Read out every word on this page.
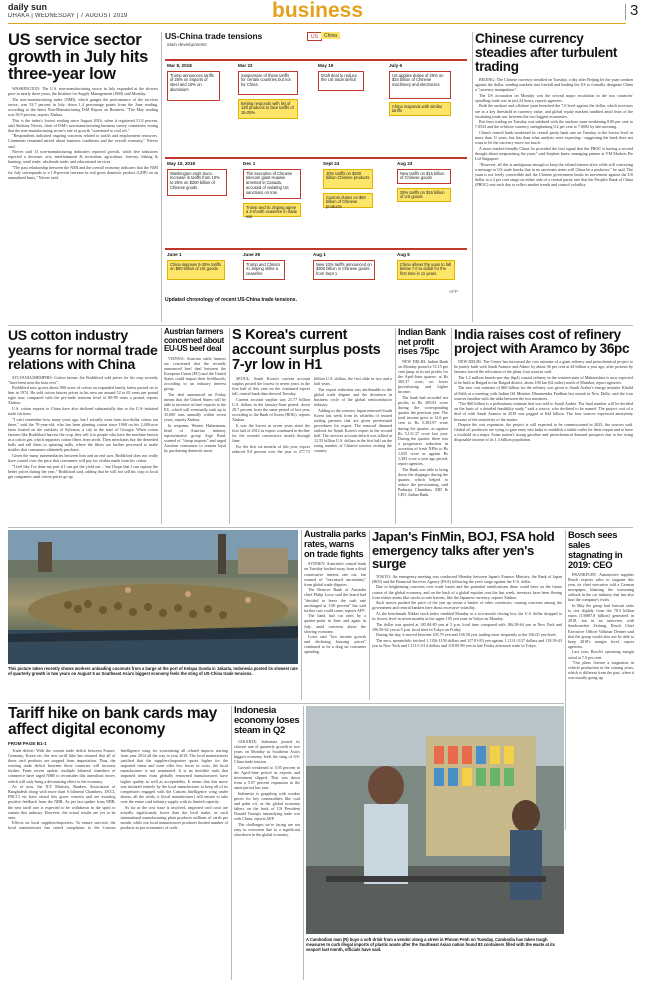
daily sun
DHAKA | WEDNESDAY | 7 AUGUST 2019	business	3
US service sector growth in July hits three-year low

WASHINGTON: The U.S. non-manufacturing sector in July expanded at the slowest pace in nearly three years, the Institute for Supply Management (ISM) said Monday.

The non-manufacturing index (NMI), which gauges the performance of the services sector, was 53.7 percent in July, down 1.4 percentage points from the June reading, according to the latest Non-Manufacturing ISM Report on Business. "The May reading was 56.9 percent, reports Xinhua.

This is the index's lowest reading since August 2016, when it registered 51.8 percent, said Anthony Nieves, chair of ISM's non-manufacturing business survey committee, noting that the non-manufacturing sector's rate of growth "continued to cool off."

"Respondents indicated ongoing concerns related to tariffs and employment resources. Comments remained mixed about business conditions and the overall economy," Nieves said.

Nieves said 13 non-manufacturing industries reported growth, while five industries reported a decrease: arts, entertainment & recreation; agriculture, forestry, fishing & hunting; retail trade; wholesale trade; and educational services.

"The past relationship between the NMI and the overall economy indicates that the NMI for July corresponds to a 1.8-percent increase in real gross domestic product (GDP) on an annualized basis," Nieves said.

US-China trade tensions	US	China
Main developments
Mar 8, 2018
Trump announces tariffs of 25% on imports of steel and 10% on aluminium
Mar 22
Suspension of these tariffs for certain countries but not for China
Beijing responds with list of 128 products to face tariffs of 15-25%
May 19
Draft deal to reduce the US trade deficit
July 6
US applies duties of 25% on $34 billion of Chinese machinery and electronics
China responds with similar tariffs
May 10, 2019
Washington ends truce. Increase in tariffs from 10% to 25% on $200 billion of Chinese goods
Dec 1
The executive of Chinese telecom giant Huawei arrested in Canada, accused of violating US sanctions on Iran
Trump and Xi Jinping agree a 3-month ceasefire in trade war
Sept 24
10% tariffs on $200 billion Chinese products
Custom duties on $60 billion of Chinese products
Aug 23
New tariffs on $16 billion of Chinese goods
25% tariffs on $16 billion of US goods
June 1
China imposes 5-25% tariffs on $60 billion of US goods
June 29
Trump and China's Xi Jinping strike a ceasefire
Aug 1
New 10% tariffs announced on $300 billion in Chinese goods from Sept 1
Aug 5
China allows the yuan to fall below 7.0 to dollar for the first time in 11 years
AFP
Updated chronology of recent US-China trade tensions.
Chinese currency steadies after turbulent trading

BEIJING: The Chinese currency steadied on Tuesday, a day after Beijing let the yuan weaken against the dollar, sending markets into freefall and leading the US to formally designate China a "currency manipulator".

The US accusation on Monday was the second major escalation in the two countries' spiralling trade war in just 24 hours, reports agencies.

Both the onshore and offshore yuan breached the 7.0 level against the dollar, which investors see as a key threshold in currency value, and global equity markets tumbled amid fears of the escalating trade war between the two biggest economies.

But fears trading on Tuesday was subdued with the onshore yuan weakening 0.06 per cent to 7.0532 and the offshore currency strengthening 0.2 per cent to 7.0082 by late morning.

China's central bank weakened its central parity bank rate on Tuesday to the lowest level in more than 11 years, but less than what analysts were expecting - suggesting the bank does not want to let the currency move too much.

A more market-friendly China fix provided the first signal that the PBOC is having a second thought about weaponising the yuan," said Stephen Innes, managing partner at VM Markets Pte Ltd Singapore.

"However, all this is ambiguous enough to keep the valued interest alive while still conveying a message to US trade hawks that in no uncertain terms will China be a pushover," he said. The yuan is not freely convertible and the Chinese government limits its movement against the US dollar to a 2 per cent range on either side of a central parity rate that the People's Bank of China (PBOC) sets each day to reflect market trends and control volatility.

US cotton industry yearns for normal trade relations with China

SYLVANIA/MEMPHIS: Cotton farmer Joe Boddiford sold prices for his crop recently "have been near the bust ever".

Boddiford now grows about 900 acres of cotton on expanded family farms passed on to him in 1974. He sold cotton futures prices in his area are around 52 to 65 cents per pound right now, compared with the pre-trade tensions level of 80-90 cents a pound, reports Xinhua.

U.S. cotton exports to China have also declined substantially due to the U.S.-initiated trade frictions.

"I can't remember how many years ago, but I actually went from two-dollar cotton out there," said the 70-year-old, who has been planting cotton since 1968 on his 2,400-acre farm located on the outskirts of Sylvania, a city in the state of Georgia. When cotton farmers like Boddiford harvest the crop, they sell it to people who have the machine known as a cotton gin, which separates cotton fibers from seeds. Then merchants buy the deseeded bolls and sell them to spinning mills, where the fibers are further processed to make textiles that consumers ultimately purchase.

Given the many intermediaries between him and an end user, Boddiford does not really have control over the price that consumers will pay for clothes made from his cotton.

"I feel like I've done my part if I can get the yield out ... but I hope that I can capture the better prices during the year," Boddiford said, adding that he will not sell his crop to local gin companies until cotton prices go up.

Austrian farmers concerned about EU-US beef deal

VIENNA: Austrian cattle farmers are concerned that the recently announced beef deal between the European Union (EU) and the United States could impact their livelihoods, according to an industry interest group.

The deal announced on Friday means that the United States will be able to increase its beef exports to the EU, which will eventually rush up to 35,000 tons annually within seven years, reports Xinhua.

In response, Werner Habermann, head of Austrian industry representative group Arge Rind, warned of "cheap imports" and urged Austrian consumers to remain loyal by purchasing domestic meat.

S Korea's current account surplus posts 7-yr low in H1

SEOUL: South Korea's current account surplus posted the lowest in seven years in the first half of this year on the continued export fall, central bank data showed Tuesday.

Current account surplus was 21.77 billion U.S. dollars in the January-June period, down 28.7 percent from the same period of last year, according to the Bank of Korea (BOK), reports Xinhua.

It was the lowest in seven years since the first half of 2012 as export continued to decline for the seventh consecutive month through June.

For the first six months of this year, export reduced 9.0 percent over the year to 277.72 billion U.S. dollars, the first slide in two and a half years.

The export reduction was attributable to the global trade dispute and the downturn in business cycle of the global semiconductor industry.

Adding to the concern, Japan removed South Korea last week from its whitelist of trusted trading partners that are given preferential procedures for export. The removal dimmed outlook for South Korea's export in the second half. The services account deficit was tallied at 12.55 billion U.S. dollars in the first half on the rising number of Chinese tourists visiting the country.

Indian Bank net profit rises 75pc

NEW DELHI: Indian Bank on Monday posted a 74.15 per cent jump in its net profits for the April-June quarter, at Rs 365.37 crore, on lower provisioning and higher income.

The bank had recorded net profits at Rs 209.81 crore during the corresponding quarter the previous year. The total income grew to 12.6 per cent to Rs 5,383.97 crore during the quarter, as against Rs 5,131.37 crore last year. During the quarter, there was a progressive reduction in accretion of fresh NPAs to Rs 1,635 crore as against Rs 1,383 crore a year ago period, report agencies.

The Bank was able to bring down the slippages during the quarter, which helped to reduce the provisioning, said Padmaja Chunduru, MD & CEO, Indian Bank.

India raises cost of refinery project with Aramco by 36pc

NEW DELHI: The Centre has increased the cost estimate of a giant refinery and petrochemical project to be jointly built with Saudi Aramco and Adnoc by about 36 per cent at 44 billion a year ago, after protests by farmers forced the relocation of the plant, four sources said.

The 1.2 million barrels-per-day (bpd) coastal refinery in the western state of Maharashtra is now expected to be built at Raigad in the Raigad district, about 100 km (62 miles) south of Mumbai, report agencies.

The new cost estimate of $60 billion for the refinery was given to Saudi Arabia's energy minister Khalid al-Falih at a meeting with Indian Oil Minister Dharmendra Pradhan last month in New Delhi, said the four sources familiar with the talks between the two ministers.

"The $60 billion is a preliminary estimate that was told to Saudi Arabia. The final number will be decided on the basis of a detailed feasibility study," said a source, who declined to be named. The project cost of a deal of with Saudi Aramco in 2018 was pegged at $44 billion. The four sources expressed anonymity because of the sensitivity of the matter.

Despite the cost expansion, the project is still expected to be commissioned in 2025, the sources said. Global oil producers are vying to gain entry into India to establish a stable outlet for their output and to have a foothold in a major Asian nation's strong gasoline and petrochemical demand prospects due to the rising disposable income of its 1.3 billion population.

This picture taken recently shows workers unloading coconuts from a barge at the port of Kelapa Sunda in Jakarta, Indonesia posted its slowest rate of quarterly growth in two years on August 5 as Southeast Asia's biggest economy feels the sting of US-China trade tensions.
Australia parks rates, warns on trade fights

SYDNEY: Australia's central bank on Tuesday backed away from a third consecutive interest rate cut, but warned of "increased uncertainty" from global trade disputes.

The Reserve Bank of Australia chief Philip Lowe said the board had "decided to leave the cash rate unchanged at 1.00 percent" but said further cuts could come, reports AFP.

The bank had cut rates by a quarter-point in June and again in July, amid concerns about the slowing economy.

Lowe said "low income growth and declining housing prices" continued to be a drag on consumer spending.

Japan's FinMin, BOJ, FSA hold emergency talks after yen's surge

TOKYO: An emergency meeting was conducted Monday between Japan's Finance Ministry, the Bank of Japan (BOJ) and the Financial Services Agency (FSA) following the yen's surge against the U.S. dollar.

Due to heightening concerns over trade issues and the potential ramifications these could have on the future course of the global economy, and on the back of a global equities rout the last week, investors have been fleeing from riskier assets like stocks to safe havens, like the Japanese currency, reports Xinhua.

Such moves pushed the price of the yen up versus a basket of other currencies, causing concerns among the government and central bankers here about excessive volatility.

As the benchmark Nikkei stock index tumbled Monday to a two-month closing low, the U.S. dollar dropped to its lowest level in seven months in the upper 105 yen zone in Tokyo on Monday.

The dollar was quoted at 105.84-85 yen at 5 p.m. local time compared with 106.58-64 yen in New York and 106.56-62 yen at 5 p.m. local time in Tokyo on Friday.

During the day, it moved between 105.79 yen and 106.58 yen, trading most frequently at the 106.05 yen level.

The euro, meanwhile, fetched 1.1156-1159 dollars and 117.81-83 yen against 1.1131-1137 dollars and 118.39-43 yen in New York and 1.1113-1114 dollars and 118.85-89 yen in late Friday afternoon trade in Tokyo.

Bosch sees sales stagnating in 2019: CEO

FRANKFURT: Automotive supplier Bosch expects sales to stagnate this year, its chief executive told a German newspaper, blaming the worsening outlook in the car industry that has also hurt the company's rivals.

In May the group had forecast sales to rise slightly from the 78.5 billion euros (US$87.8 billion) generated in 2018, but in an interview with Saarbruecker Zeitung, Bosch Chief Executive Officer Volkmar Denner said that the group would also not be able to keep 2018's margin level, report agencies.

Last year, Bosch's operating margin stood at 7.0 per cent.

"Our plans foresee a stagnation in vehicle production in the coming years, which is different from the past, when it was usually going up.

Tariff hike on bank cards may affect digital economy
FROM PAGE B1-1

Trade deficit: With the current trade deficit between France, Germany, Korea etc, the new tariff hike has ensured that all of these card products are stopped from importation. Thus, the existing trade deficit between these countries will increase further. From recent update, multiple bilateral chambers of commerce have urged NBR to reconsider this unrealistic move, which will only bring a devastating effect to the economy.

As of now, the ICT Ministry, Bankers Association of Bangladesh along with more than 6 bilateral Chambers, DCCI, FBCCI etc have raised this grave concern and are awaiting positive feedback from the NBR. As per last update from NBR, the new tariff rate is expected to be withdrawn in the spirit to sustain this industry. However, the actual results are yet to be seen.

Effects on local suppliers/importers: To ensure survival, the local manufacturer has raised complaints to the Custom Intelligence wing for scrutinizing all related imports starting from year 2014 all the way to year 2018. The local manufacturer justified that the suppliers/importers quote higher for the imported items and even offer less lower in costs, the local manufacturer is not nominated. It is an invisible truth that imported items from globally renowned manufacturers have higher quality as well as acceptability. It seems that this move was initiated entirely by the local manufacturer to keep all of its competitors engaged with the Custom Intelligence wing under duress, all the while, it (local manufacturer) will ensure to take over the entire card industry supply with its limited capacity.

As far as the cost issue is involved, imported card costs are actually significantly lower than the local make, as such international manufacturing plant produces millions of cards per month, while our local manufacturer produces limited number of products as per economies of scale.

Indonesia economy loses steam in Q2

JAKARTA: Indonesia posted its slowest rate of quarterly growth in two years on Monday as Southeast Asia's biggest economy feels the sting of US-China trade tension.

Growth weakened to 5.05 percent in the April-June period as exports and investment slipped. That was down from a 5.07 percent expansion in the same period last year.

Indonesia is grappling with weaker prices for key commodities like coal and palm oil, as the global economy falters on the back of US President Donald Trump's intensifying trade war with China, reports AFP.

The challenges we're facing are not easy to overcome due to a significant slowdown in the global economy.

A Cambodian man (R) buys a soft drink from a vendor along a street in Phnom Penh on Tuesday. Cambodia has taken tough measures to curb illegal imports of plastic waste after the Southeast Asian nation found 83 containers filled with the waste at its seaport last month, officials have said.
